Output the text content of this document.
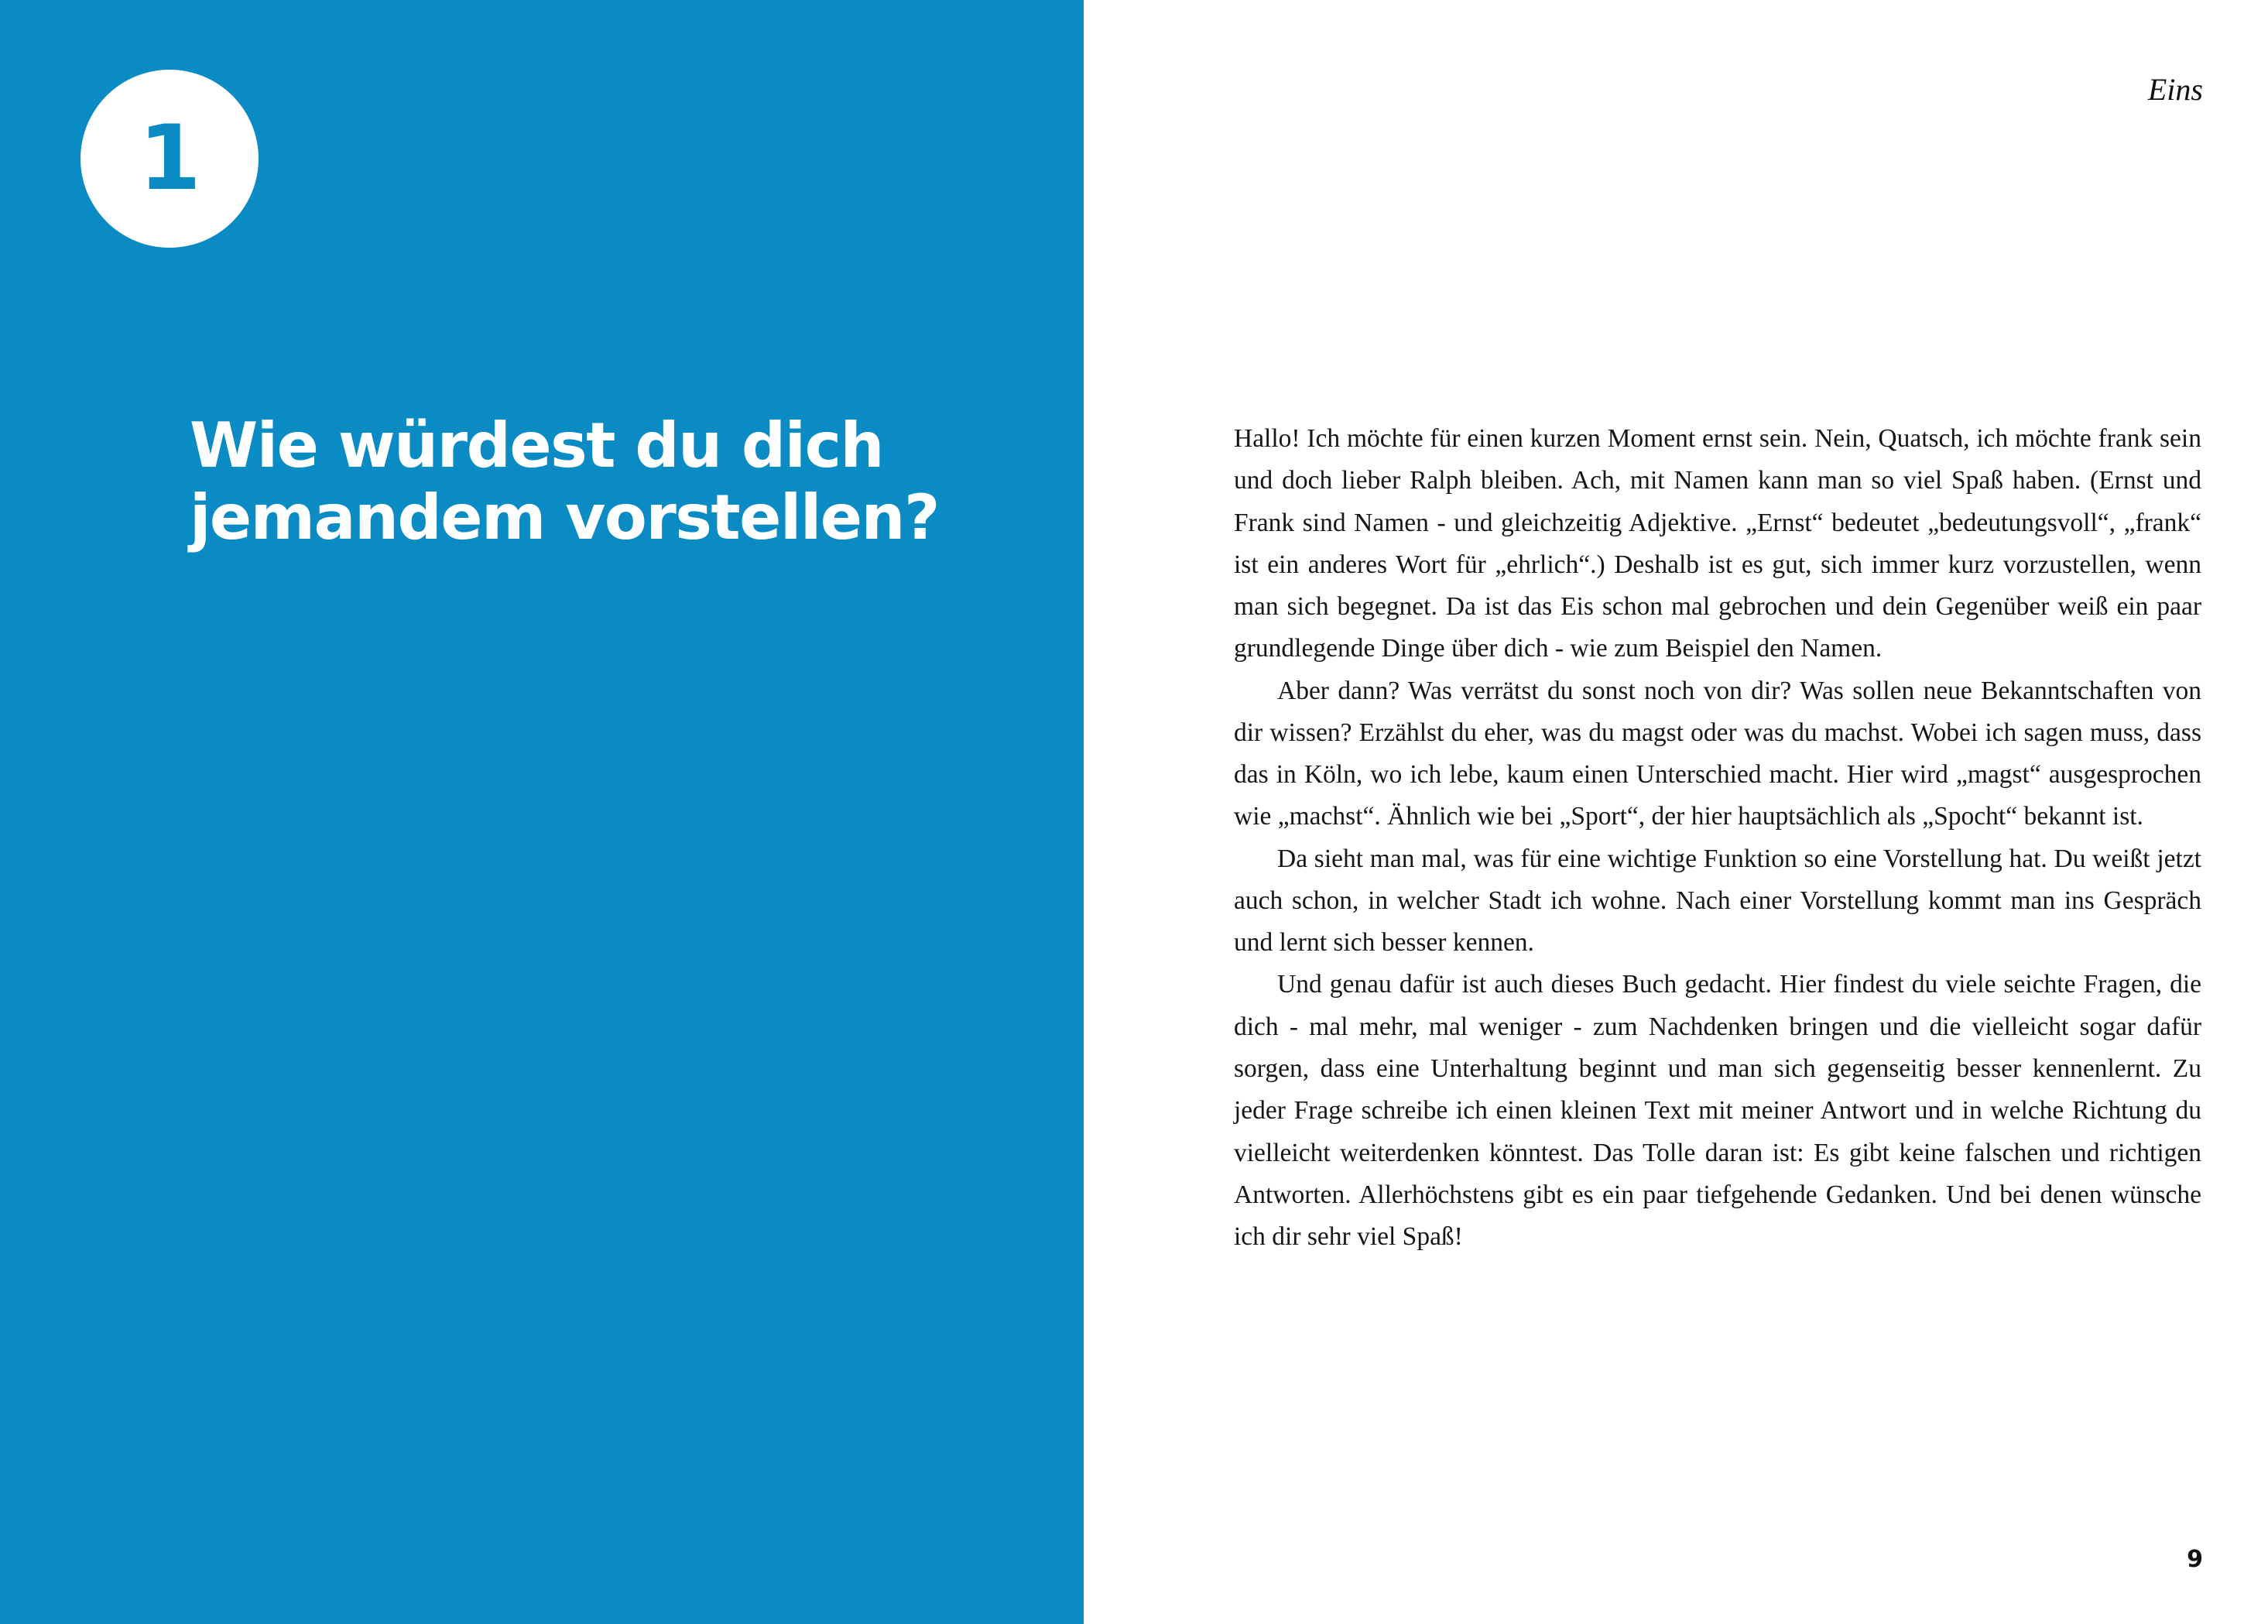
1
Wie würdest du dich jemandem vorstellen?
Eins

Hallo! Ich möchte für einen kurzen Moment ernst sein. Nein, Quatsch, ich möchte frank sein und doch lieber Ralph bleiben. Ach, mit Namen kann man so viel Spaß haben. (Ernst und Frank sind Namen - und gleichzeitig Adjektive. „Ernst“ bedeutet „bedeutungsvoll“, „frank“ ist ein anderes Wort für „ehrlich“.) Deshalb ist es gut, sich immer kurz vorzustellen, wenn man sich begegnet. Da ist das Eis schon mal gebrochen und dein Gegenüber weiß ein paar grundlegende Dinge über dich - wie zum Beispiel den Namen.

Aber dann? Was verrätst du sonst noch von dir? Was sollen neue Bekanntschaften von dir wissen? Erzählst du eher, was du magst oder was du machst. Wobei ich sagen muss, dass das in Köln, wo ich lebe, kaum einen Unterschied macht. Hier wird „magst“ ausgesprochen wie „machst“. Ähnlich wie bei „Sport“, der hier hauptsächlich als „Spocht“ bekannt ist.

Da sieht man mal, was für eine wichtige Funktion so eine Vorstellung hat. Du weißt jetzt auch schon, in welcher Stadt ich wohne. Nach einer Vorstellung kommt man ins Gespräch und lernt sich besser kennen.

Und genau dafür ist auch dieses Buch gedacht. Hier findest du viele seichte Fragen, die dich - mal mehr, mal weniger - zum Nachdenken bringen und die vielleicht sogar dafür sorgen, dass eine Unterhaltung beginnt und man sich gegenseitig besser kennenlernt. Zu jeder Frage schreibe ich einen kleinen Text mit meiner Antwort und in welche Richtung du vielleicht weiterdenken könntest. Das Tolle daran ist: Es gibt keine falschen und richtigen Antworten. Allerhöchstens gibt es ein paar tiefgehende Gedanken. Und bei denen wünsche ich dir sehr viel Spaß!

9
